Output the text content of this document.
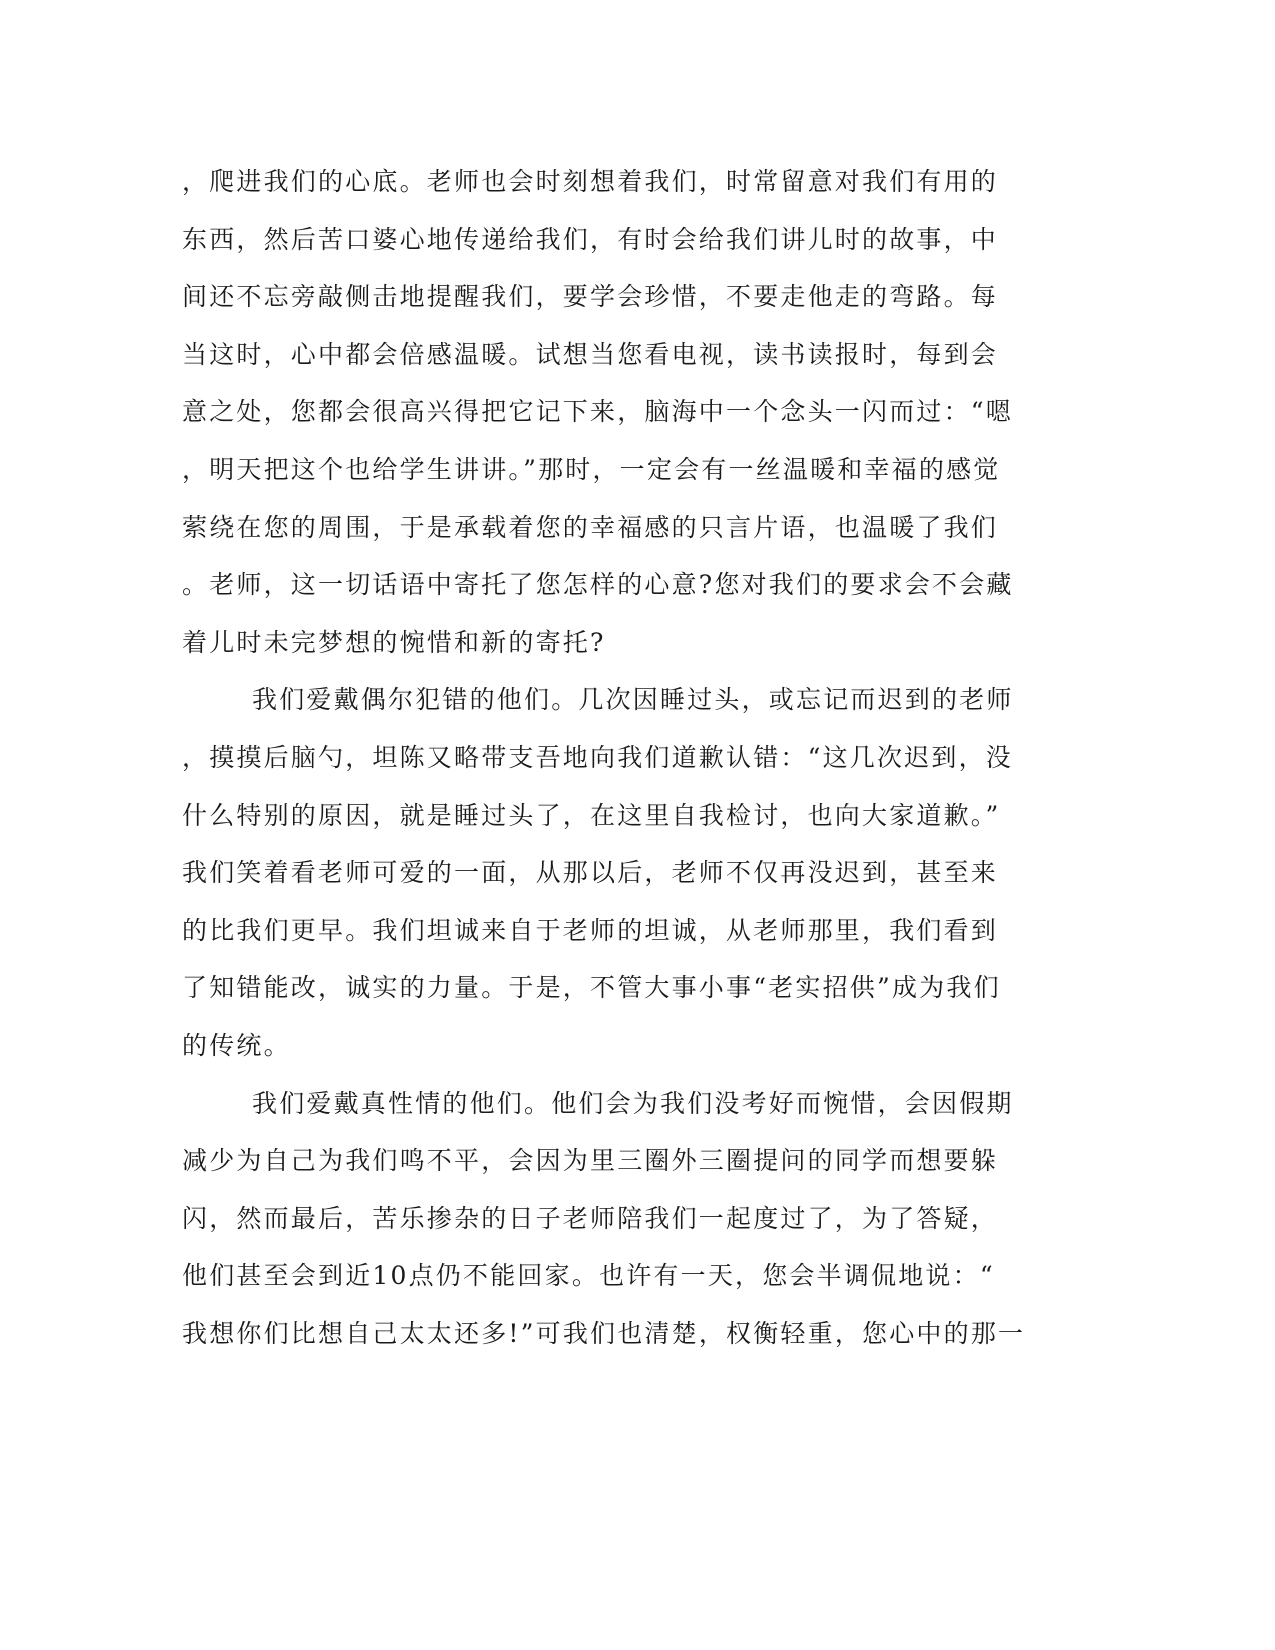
，爬进我们的心底。老师也会时刻想着我们，时常留意对我们有用的
东西，然后苦口婆心地传递给我们，有时会给我们讲儿时的故事，中
间还不忘旁敲侧击地提醒我们，要学会珍惜，不要走他走的弯路。每
当这时，心中都会倍感温暖。试想当您看电视，读书读报时，每到会
意之处，您都会很高兴得把它记下来，脑海中一个念头一闪而过：“嗯
，明天把这个也给学生讲讲。”那时，一定会有一丝温暖和幸福的感觉
萦绕在您的周围，于是承载着您的幸福感的只言片语，也温暖了我们
。老师，这一切话语中寄托了您怎样的心意?您对我们的要求会不会藏
着儿时未完梦想的惋惜和新的寄托?
我们爱戴偶尔犯错的他们。几次因睡过头，或忘记而迟到的老师
，摸摸后脑勺，坦陈又略带支吾地向我们道歉认错：“这几次迟到，没
什么特别的原因，就是睡过头了，在这里自我检讨，也向大家道歉。”
我们笑着看老师可爱的一面，从那以后，老师不仅再没迟到，甚至来
的比我们更早。我们坦诚来自于老师的坦诚，从老师那里，我们看到
了知错能改，诚实的力量。于是，不管大事小事“老实招供”成为我们
的传统。
我们爱戴真性情的他们。他们会为我们没考好而惋惜，会因假期
减少为自己为我们鸣不平，会因为里三圈外三圈提问的同学而想要躲
闪，然而最后，苦乐掺杂的日子老师陪我们一起度过了，为了答疑，
他们甚至会到近10点仍不能回家。也许有一天，您会半调侃地说：“
我想你们比想自己太太还多!”可我们也清楚，权衡轻重，您心中的那一
